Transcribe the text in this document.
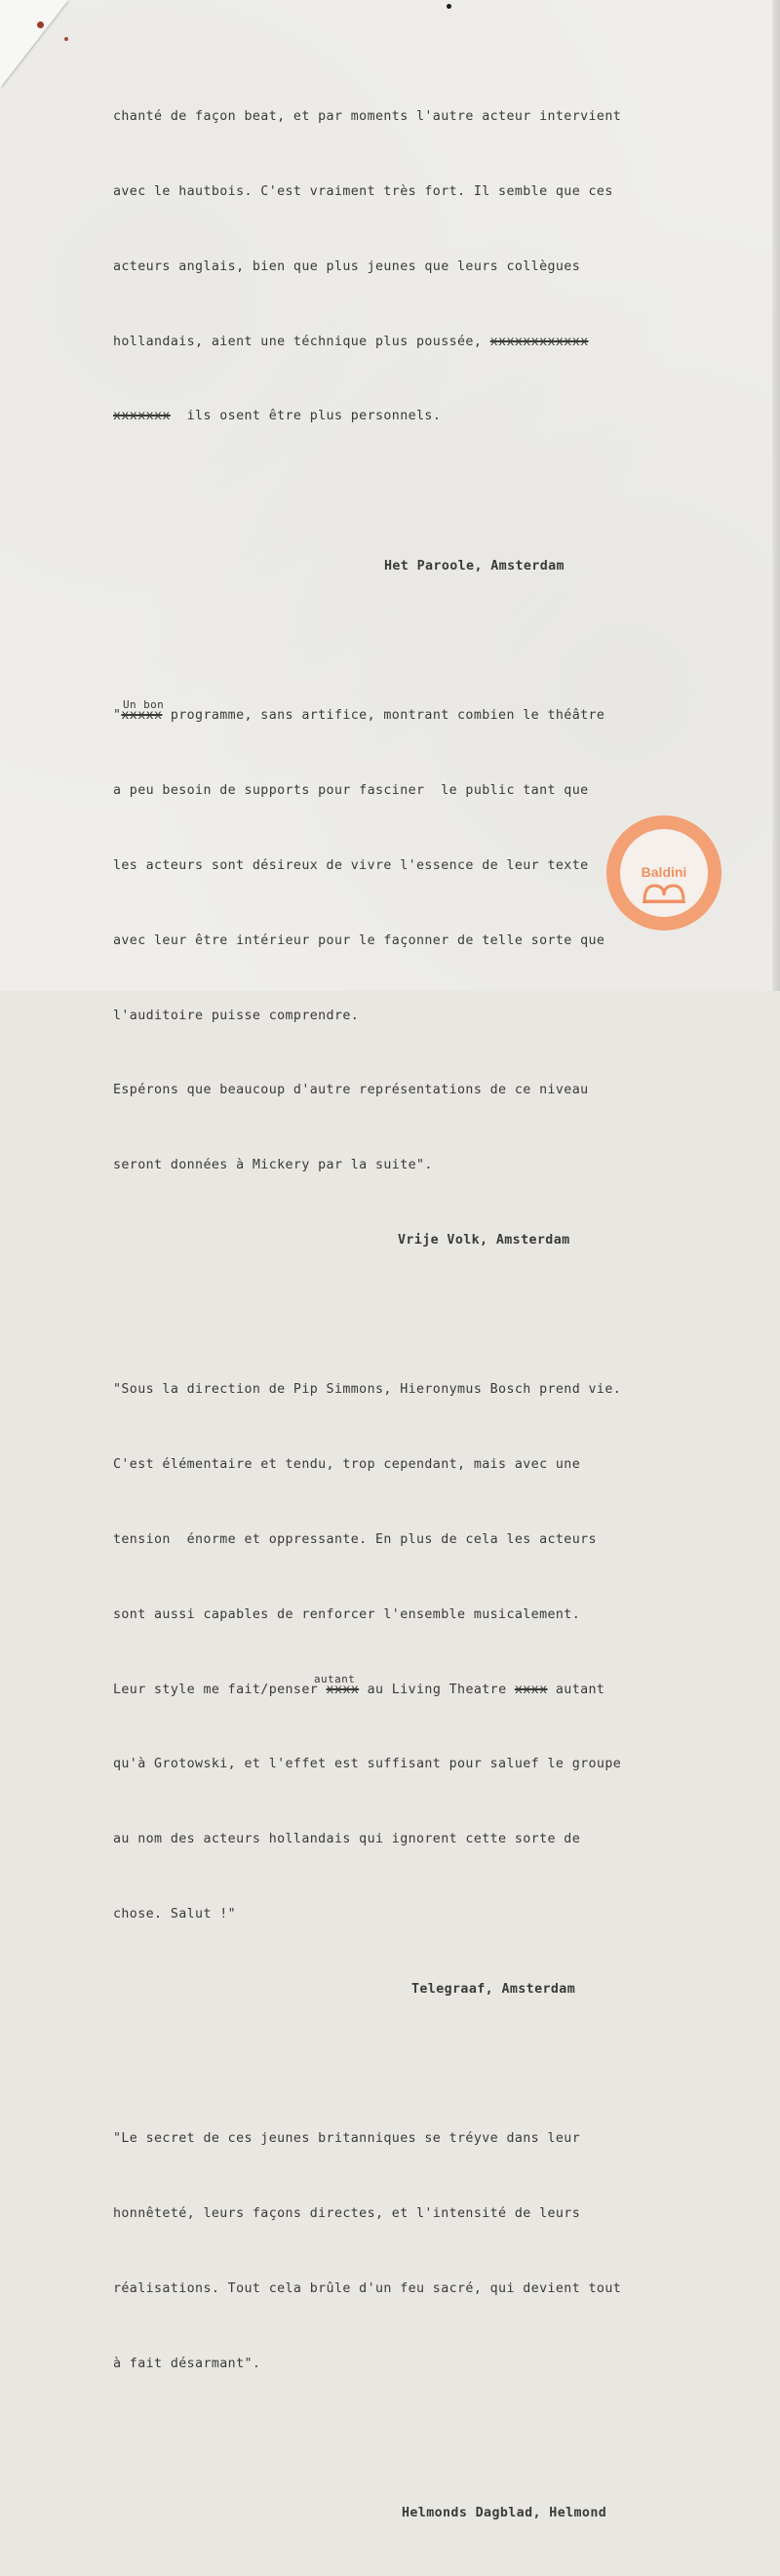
chanté de façon beat, et par moments l'autre acteur intervient

avec le hautbois. C'est vraiment très fort. Il semble que ces

acteurs anglais, bien que plus jeunes que leurs collègues

hollandais, aient une téchnique plus poussée, xxxxxxxxxxxx

xxxxxxx ils osent être plus personnels.

Het Paroole, Amsterdam

"xxxxx
Un bon
programme, sans artifice, montrant combien le théâtre

a peu besoin de supports pour fasciner  le public tant que

les acteurs sont désireux de vivre l'essence de leur texte

avec leur être intérieur pour le façonner de telle sorte que

l'auditoire puisse comprendre.

Espérons que beaucoup d'autre représentations de ce niveau

seront données à Mickery par la suite".

Vrije Volk, Amsterdam

"Sous la direction de Pip Simmons, Hieronymus Bosch prend vie.

C'est élémentaire et tendu, trop cependant, mais avec une

tension  énorme et oppressante. En plus de cela les acteurs

sont aussi capables de renforcer l'ensemble musicalement.

Leur style me fait/penser
autant
xxxx au Living Theatre xxxx autant

qu'à Grotowski, et l'effet est suffisant pour saluef le groupe

au nom des acteurs hollandais qui ignorent cette sorte de

chose. Salut !"

Telegraaf, Amsterdam

"Le secret de ces jeunes britanniques se tréyve dans leur

honnêteté, leurs façons directes, et l'intensité de leurs

réalisations. Tout cela brûle d'un feu sacré, qui devient tout

à fait désarmant".

Helmonds Dagblad, Helmond

Baldini
